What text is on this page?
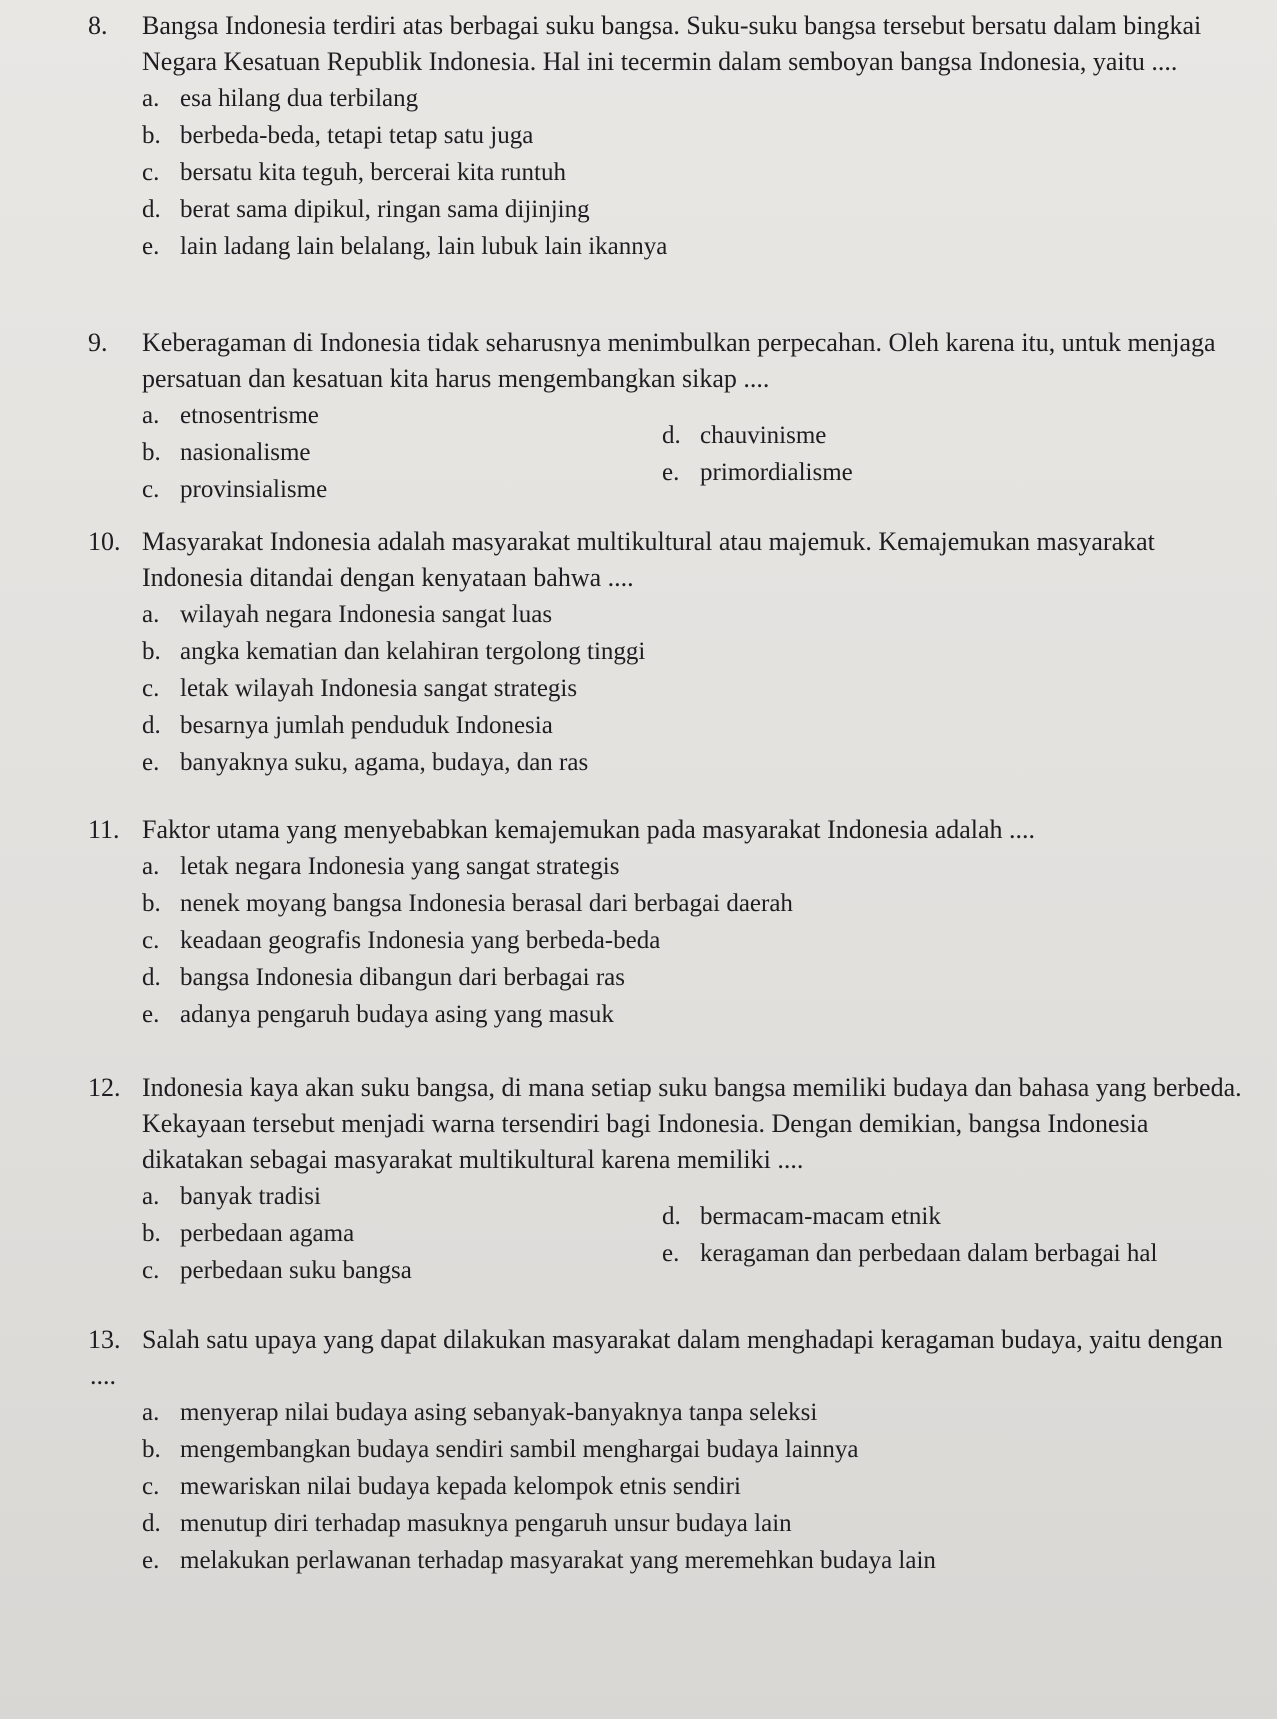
8.	Bangsa Indonesia terdiri atas berbagai suku bangsa. Suku-suku bangsa tersebut bersatu dalam bingkai Negara Kesatuan Republik Indonesia. Hal ini tecermin dalam semboyan bangsa Indonesia, yaitu ....
a. esa hilang dua terbilang
b. berbeda-beda, tetapi tetap satu juga
c. bersatu kita teguh, bercerai kita runtuh
d. berat sama dipikul, ringan sama dijinjing
e. lain ladang lain belalang, lain lubuk lain ikannya
9.	Keberagaman di Indonesia tidak seharusnya menimbulkan perpecahan. Oleh karena itu, untuk menjaga persatuan dan kesatuan kita harus mengembangkan sikap ....
a. etnosentrisme
b. nasionalisme
c. provinsialisme
d. chauvinisme
e. primordialisme
10. Masyarakat Indonesia adalah masyarakat multikultural atau majemuk. Kemajemukan masyarakat Indonesia ditandai dengan kenyataan bahwa ....
a. wilayah negara Indonesia sangat luas
b. angka kematian dan kelahiran tergolong tinggi
c. letak wilayah Indonesia sangat strategis
d. besarnya jumlah penduduk Indonesia
e. banyaknya suku, agama, budaya, dan ras
11. Faktor utama yang menyebabkan kemajemukan pada masyarakat Indonesia adalah ....
a. letak negara Indonesia yang sangat strategis
b. nenek moyang bangsa Indonesia berasal dari berbagai daerah
c. keadaan geografis Indonesia yang berbeda-beda
d. bangsa Indonesia dibangun dari berbagai ras
e. adanya pengaruh budaya asing yang masuk
12. Indonesia kaya akan suku bangsa, di mana setiap suku bangsa memiliki budaya dan bahasa yang berbeda. Kekayaan tersebut menjadi warna tersendiri bagi Indonesia. Dengan demikian, bangsa Indonesia dikatakan sebagai masyarakat multikultural karena memiliki ....
a. banyak tradisi
b. perbedaan agama
c. perbedaan suku bangsa
d. bermacam-macam etnik
e. keragaman dan perbedaan dalam berbagai hal
13. Salah satu upaya yang dapat dilakukan masyarakat dalam menghadapi keragaman budaya, yaitu dengan
....
a. menyerap nilai budaya asing sebanyak-banyaknya tanpa seleksi
b. mengembangkan budaya sendiri sambil menghargai budaya lainnya
c. mewariskan nilai budaya kepada kelompok etnis sendiri
d. menutup diri terhadap masuknya pengaruh unsur budaya lain
e. melakukan perlawanan terhadap masyarakat yang meremehkan budaya lain
